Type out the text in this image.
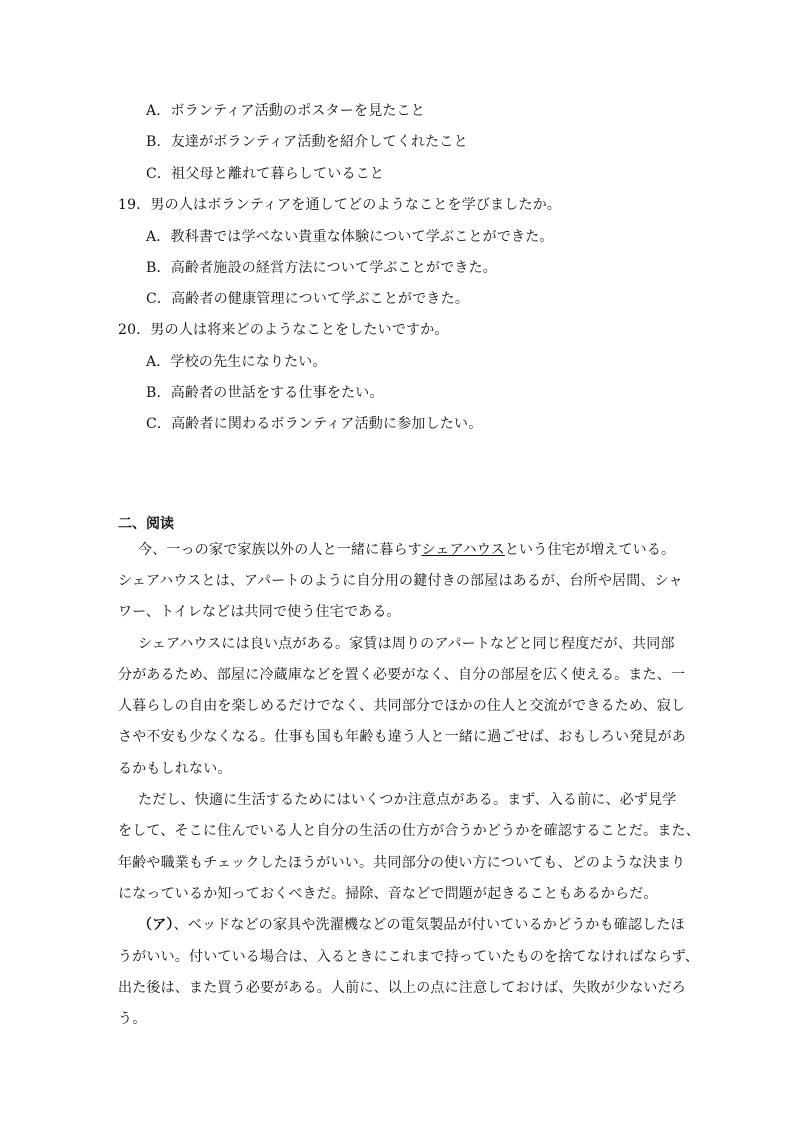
A．ボランティア活動のポスターを見たこと
B．友達がボランティア活動を紹介してくれたこと
C．祖父母と離れて暮らしていること
19．男の人はボランティアを通してどのようなことを学びましたか。
A．教科書では学べない貴重な体験について学ぶことができた。
B．高齢者施設の経営方法について学ぶことができた。
C．高齢者の健康管理について学ぶことができた。
20．男の人は将来どのようなことをしたいですか。
A．学校の先生になりたい。
B．高齢者の世話をする仕事をたい。
C．高齢者に関わるボランティア活動に参加したい。
二、阅读
今、一っの家で家族以外の人と一緒に暮らすシェアハウスという住宅が増えている。
シェアハウスとは、アパートのように自分用の鍵付きの部屋はあるが、台所や居間、シャ
ワー、トイレなどは共同で使う住宅である。
シェアハウスには良い点がある。家賃は周りのアパートなどと同じ程度だが、共同部
分があるため、部屋に冷蔵庫などを置く必要がなく、自分の部屋を広く使える。また、一
人暮らしの自由を楽しめるだけでなく、共同部分でほかの住人と交流ができるため、寂し
さや不安も少なくなる。仕事も国も年齢も違う人と一緒に過ごせば、おもしろい発見があ
るかもしれない。
ただし、快適に生活するためにはいくつか注意点がある。まず、入る前に、必ず見学
をして、そこに住んでいる人と自分の生活の仕方が合うかどうかを確認することだ。また、
年齢や職業もチェックしたほうがいい。共同部分の使い方についても、どのような決まり
になっているか知っておくべきだ。掃除、音などで問題が起きることもあるからだ。
（ア）、ベッドなどの家具や洗濯機などの電気製品が付いているかどうかも確認したほ
うがいい。付いている場合は、入るときにこれまで持っていたものを捨てなければならず、
出た後は、また買う必要がある。人前に、以上の点に注意しておけば、失敗が少ないだろ
う。
